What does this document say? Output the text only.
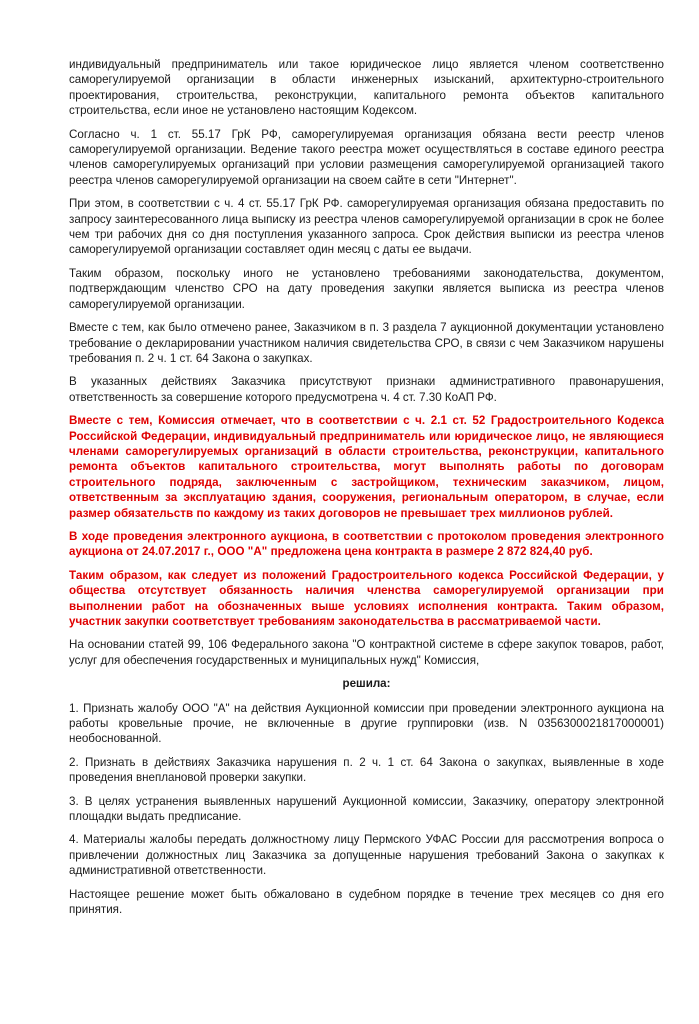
индивидуальный предприниматель или такое юридическое лицо является членом соответственно саморегулируемой организации в области инженерных изысканий, архитектурно-строительного проектирования, строительства, реконструкции, капитального ремонта объектов капитального строительства, если иное не установлено настоящим Кодексом.

Согласно ч. 1 ст. 55.17 ГрК РФ, саморегулируемая организация обязана вести реестр членов саморегулируемой организации. Ведение такого реестра может осуществляться в составе единого реестра членов саморегулируемых организаций при условии размещения саморегулируемой организацией такого реестра членов саморегулируемой организации на своем сайте в сети "Интернет".

При этом, в соответствии с ч. 4 ст. 55.17 ГрК РФ. саморегулируемая организация обязана предоставить по запросу заинтересованного лица выписку из реестра членов саморегулируемой организации в срок не более чем три рабочих дня со дня поступления указанного запроса. Срок действия выписки из реестра членов саморегулируемой организации составляет один месяц с даты ее выдачи.

Таким образом, поскольку иного не установлено требованиями законодательства, документом, подтверждающим членство СРО на дату проведения закупки является выписка из реестра членов саморегулируемой организации.

Вместе с тем, как было отмечено ранее, Заказчиком в п. 3 раздела 7 аукционной документации установлено требование о декларировании участником наличия свидетельства СРО, в связи с чем Заказчиком нарушены требования п. 2 ч. 1 ст. 64 Закона о закупках.

В указанных действиях Заказчика присутствуют признаки административного правонарушения, ответственность за совершение которого предусмотрена ч. 4 ст. 7.30 КоАП РФ.

Вместе с тем, Комиссия отмечает, что в соответствии с ч. 2.1 ст. 52 Градостроительного Кодекса Российской Федерации, индивидуальный предприниматель или юридическое лицо, не являющиеся членами саморегулируемых организаций в области строительства, реконструкции, капитального ремонта объектов капитального строительства, могут выполнять работы по договорам строительного подряда, заключенным с застройщиком, техническим заказчиком, лицом, ответственным за эксплуатацию здания, сооружения, региональным оператором, в случае, если размер обязательств по каждому из таких договоров не превышает трех миллионов рублей.

В ходе проведения электронного аукциона, в соответствии с протоколом проведения электронного аукциона от 24.07.2017 г., ООО "А" предложена цена контракта в размере 2 872 824,40 руб.

Таким образом, как следует из положений Градостроительного кодекса Российской Федерации, у общества отсутствует обязанность наличия членства саморегулируемой организации при выполнении работ на обозначенных выше условиях исполнения контракта. Таким образом, участник закупки соответствует требованиям законодательства в рассматриваемой части.

На основании статей 99, 106 Федерального закона "О контрактной системе в сфере закупок товаров, работ, услуг для обеспечения государственных и муниципальных нужд" Комиссия,

решила:

1. Признать жалобу ООО "А" на действия Аукционной комиссии при проведении электронного аукциона на работы кровельные прочие, не включенные в другие группировки (изв. N 0356300021817000001) необоснованной.

2. Признать в действиях Заказчика нарушения п. 2 ч. 1 ст. 64 Закона о закупках, выявленные в ходе проведения внеплановой проверки закупки.

3. В целях устранения выявленных нарушений Аукционной комиссии, Заказчику, оператору электронной площадки выдать предписание.

4. Материалы жалобы передать должностному лицу Пермского УФАС России для рассмотрения вопроса о привлечении должностных лиц Заказчика за допущенные нарушения требований Закона о закупках к административной ответственности.

Настоящее решение может быть обжаловано в судебном порядке в течение трех месяцев со дня его принятия.
